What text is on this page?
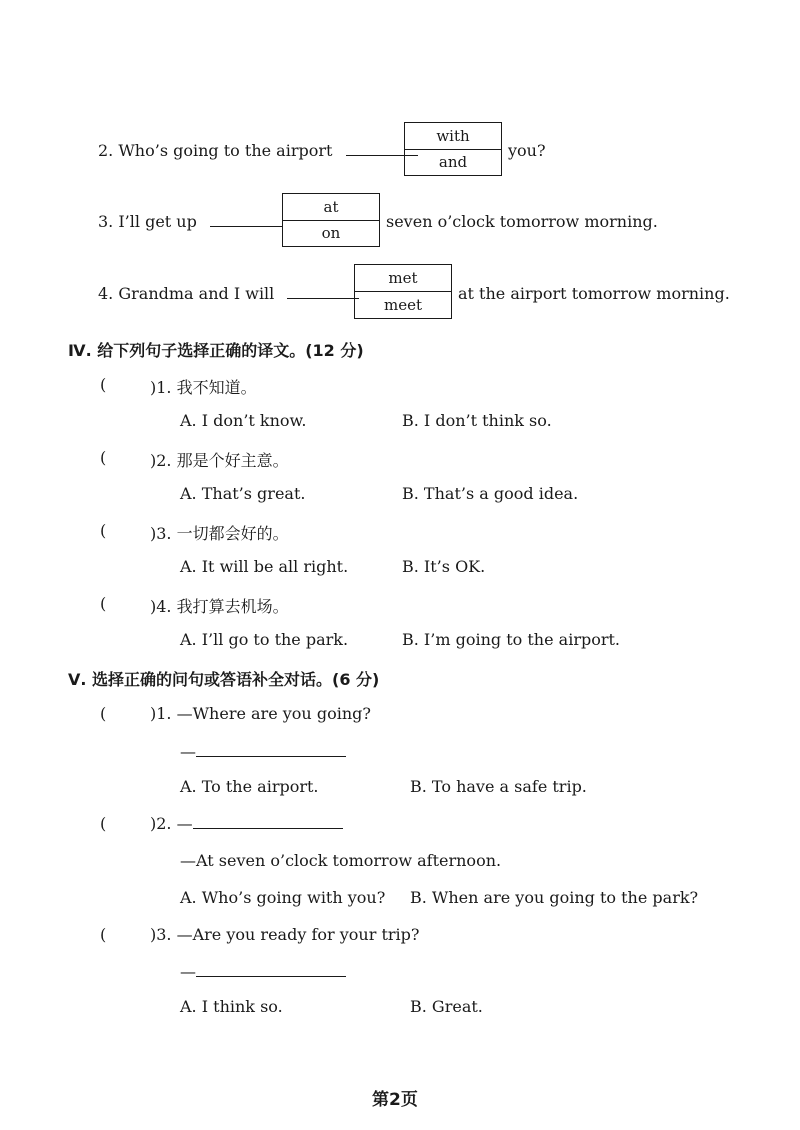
2. Who’s going to the airport
with
and
you?
3. I’ll get up
at
on
seven o’clock tomorrow morning.
4. Grandma and I will
met
meet
at the airport tomorrow morning.
Ⅳ. 给下列句子选择正确的译文。(12 分)
(	)1. 我不知道。
A. I don’t know.	B. I don’t think so.
(	)2. 那是个好主意。
A. That’s great.	B. That’s a good idea.
(	)3. 一切都会好的。
A. It will be all right.	B. It’s OK.
(	)4. 我打算去机场。
A. I’ll go to the park.	B. I’m going to the airport.
Ⅴ. 选择正确的问句或答语补全对话。(6 分)
(	)1. —Where are you going?
—
A. To the airport.	B. To have a safe trip.
(	)2. —
—At seven o’clock tomorrow afternoon.
A. Who’s going with you? B. When are you going to the park?
(	)3. —Are you ready for your trip?
—
A. I think so.	B. Great.
第2页
